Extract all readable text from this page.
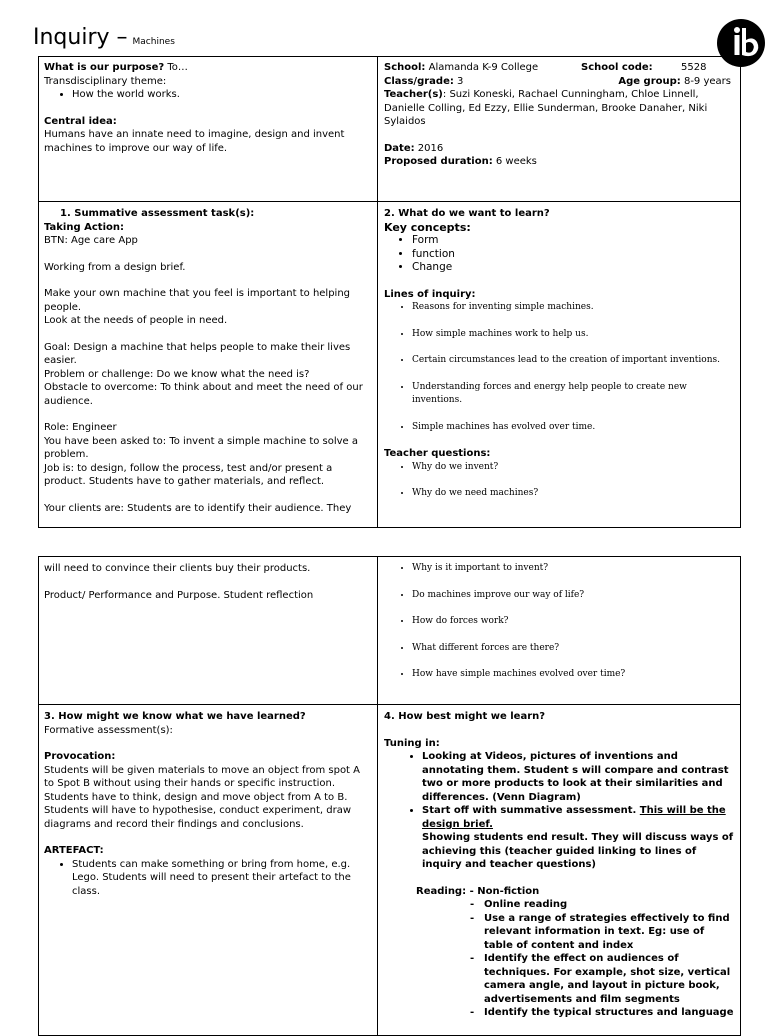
Inquiry – Machines
What is our purpose? To…
Transdisciplinary theme:
• How the world works.
Central idea:
Humans have an innate need to imagine, design and invent machines to improve our way of life.
School: Alamanda K-9 College	School code:	5528
Class/grade: 3	Age group: 8-9 years
Teacher(s): Suzi Koneski, Rachael Cunningham, Chloe Linnell, Danielle Colling, Ed Ezzy, Ellie Sunderman, Brooke Danaher, Niki Sylaidos
Date: 2016
Proposed duration: 6 weeks
1. Summative assessment task(s):
Taking Action:
BTN: Age care App
Working from a design brief.
Make your own machine that you feel is important to helping people.
Look at the needs of people in need.
Goal: Design a machine that helps people to make their lives easier.
Problem or challenge: Do we know what the need is?
Obstacle to overcome: To think about and meet the need of our audience.
Role: Engineer
You have been asked to: To invent a simple machine to solve a problem.
Job is: to design, follow the process, test and/or present a product. Students have to gather materials, and reflect.
Your clients are: Students are to identify their audience. They
2. What do we want to learn?
Key concepts:
• Form
• function
• Change
Lines of inquiry:
• Reasons for inventing simple machines.
• How simple machines work to help us.
• Certain circumstances lead to the creation of important inventions.
• Understanding forces and energy help people to create new inventions.
• Simple machines has evolved over time.
Teacher questions:
• Why do we invent?
• Why do we need machines?
will need to convince their clients buy their products.
Product/ Performance and Purpose. Student reflection
• Why is it important to invent?
• Do machines improve our way of life?
• How do forces work?
• What different forces are there?
• How have simple machines evolved over time?
3. How might we know what we have learned?
Formative assessment(s):
Provocation:
Students will be given materials to move an object from spot A to Spot B without using their hands or specific instruction. Students have to think, design and move object from A to B. Students will have to hypothesise, conduct experiment, draw diagrams and record their findings and conclusions.
ARTEFACT:
• Students can make something or bring from home, e.g. Lego. Students will need to present their artefact to the class.
4. How best might we learn?
Tuning in:
• Looking at Videos, pictures of inventions and annotating them. Student s will compare and contrast two or more products to look at their similarities and differences. (Venn Diagram)
• Start off with summative assessment. This will be the design brief.
Showing students end result. They will discuss ways of achieving this (teacher guided linking to lines of inquiry and teacher questions)
Reading: - Non-fiction
- Online reading
- Use a range of strategies effectively to find relevant information in text. Eg: use of table of content and index
- Identify the effect on audiences of techniques. For example, shot size, vertical camera angle, and layout in picture book, advertisements and film segments
- Identify the typical structures and language
